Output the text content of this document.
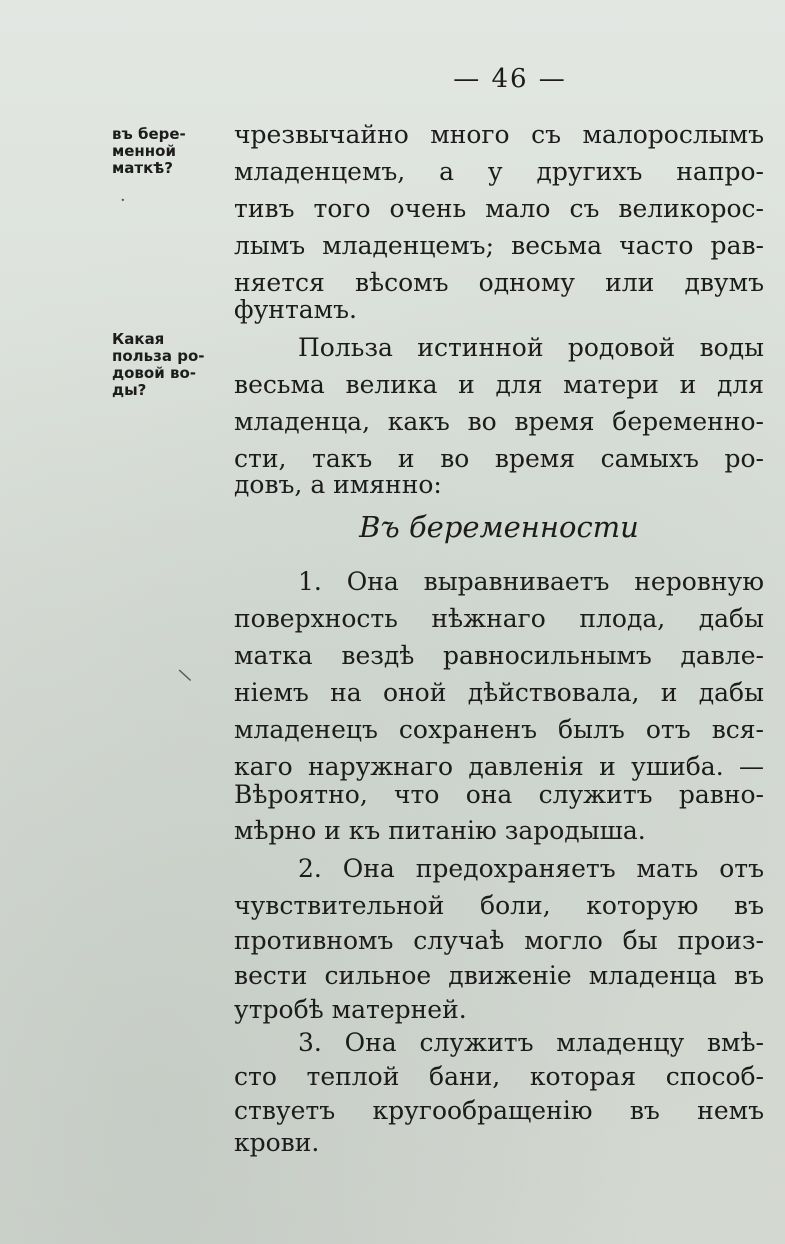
— 46 —
въ бере-
менной
маткѣ?
Какая
польза ро-
довой во-
ды?
·
\
чрезвычайно много съ малорослымъ
младенцемъ, а у другихъ напро-
тивъ того очень мало съ великорос-
лымъ младенцемъ; весьма часто рав-
няется вѣсомъ одному или двумъ
фунтамъ.
Польза истинной родовой воды
весьма велика и для матери и для
младенца, какъ во время беременно-
сти, такъ и во время самыхъ ро-
довъ, а имянно:
Въ беременности
1. Она выравниваетъ неровную
поверхность нѣжнаго плода, дабы
матка вездѣ равносильнымъ давле-
ніемъ на оной дѣйствовала, и дабы
младенецъ сохраненъ былъ отъ вся-
каго наружнаго давленія и ушиба. —
Вѣроятно, что она служитъ равно-
мѣрно и къ питанію зародыша.
2. Она предохраняетъ мать отъ
чувствительной боли, которую въ
противномъ случаѣ могло бы произ-
вести сильное движеніе младенца въ
утробѣ матерней.
3. Она служитъ младенцу вмѣ-
сто теплой бани, которая способ-
ствуетъ кругообращенію въ немъ
крови.
